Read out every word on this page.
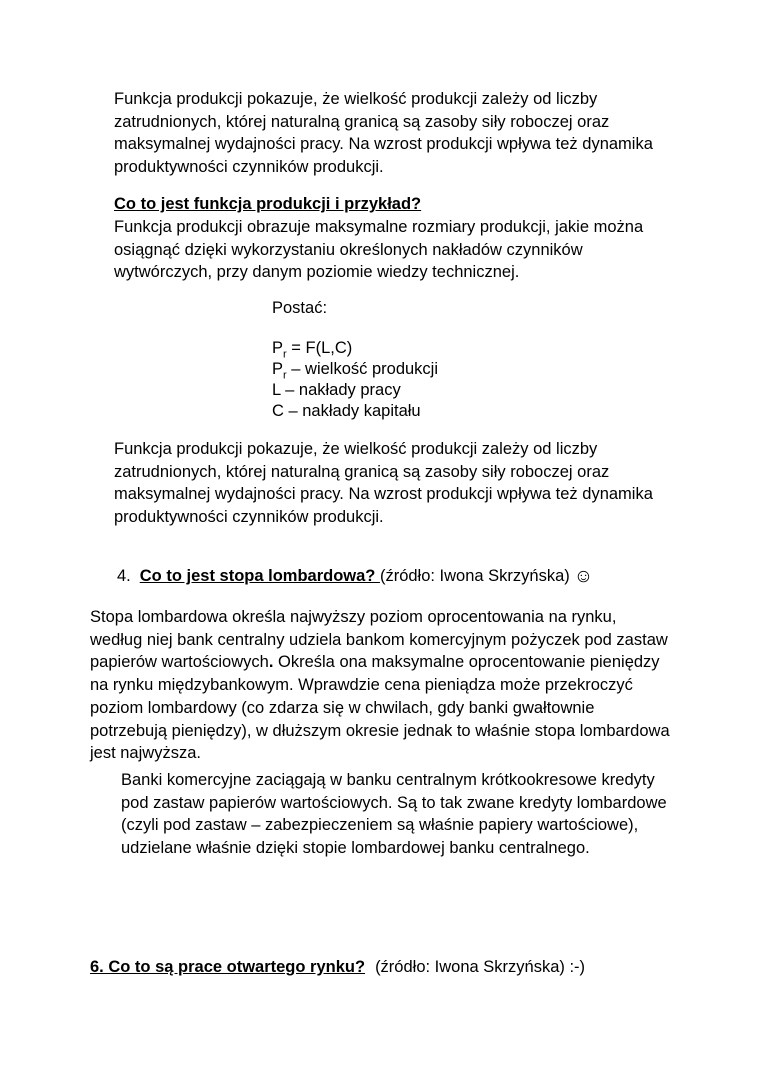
Funkcja produkcji pokazuje, że wielkość produkcji zależy od liczby zatrudnionych, której naturalną granicą są zasoby siły roboczej oraz maksymalnej wydajności pracy. Na wzrost produkcji wpływa też dynamika produktywności czynników produkcji.

Co to jest funkcja produkcji i przykład?

Funkcja produkcji obrazuje maksymalne rozmiary produkcji, jakie można osiągnąć dzięki wykorzystaniu określonych nakładów czynników wytwórczych, przy danym poziomie wiedzy technicznej.

Postać:

$P_r = F(L,C)$
$P_r$ – wielkość produkcji
L – nakłady pracy
C – nakłady kapitału

Funkcja produkcji pokazuje, że wielkość produkcji zależy od liczby zatrudnionych, której naturalną granicą są zasoby siły roboczej oraz maksymalnej wydajności pracy. Na wzrost produkcji wpływa też dynamika produktywności czynników produkcji.

4. Co to jest stopa lombardowa? (źródło: Iwona Skrzyńska) ☺

Stopa lombardowa określa najwyższy poziom oprocentowania na rynku, według niej bank centralny udziela bankom komercyjnym pożyczek pod zastaw papierów wartościowych. Określa ona maksymalne oprocentowanie pieniędzy na rynku międzybankowym. Wprawdzie cena pieniądza może przekroczyć poziom lombardowy (co zdarza się w chwilach, gdy banki gwałtownie potrzebują pieniędzy), w dłuższym okresie jednak to właśnie stopa lombardowa jest najwyższa.

Banki komercyjne zaciągają w banku centralnym krótkookresowe kredyty pod zastaw papierów wartościowych. Są to tak zwane kredyty lombardowe (czyli pod zastaw – zabezpieczeniem są właśnie papiery wartościowe), udzielane właśnie dzięki stopie lombardowej banku centralnego.

6. Co to są prace otwartego rynku? (źródło: Iwona Skrzyńska) :-)
